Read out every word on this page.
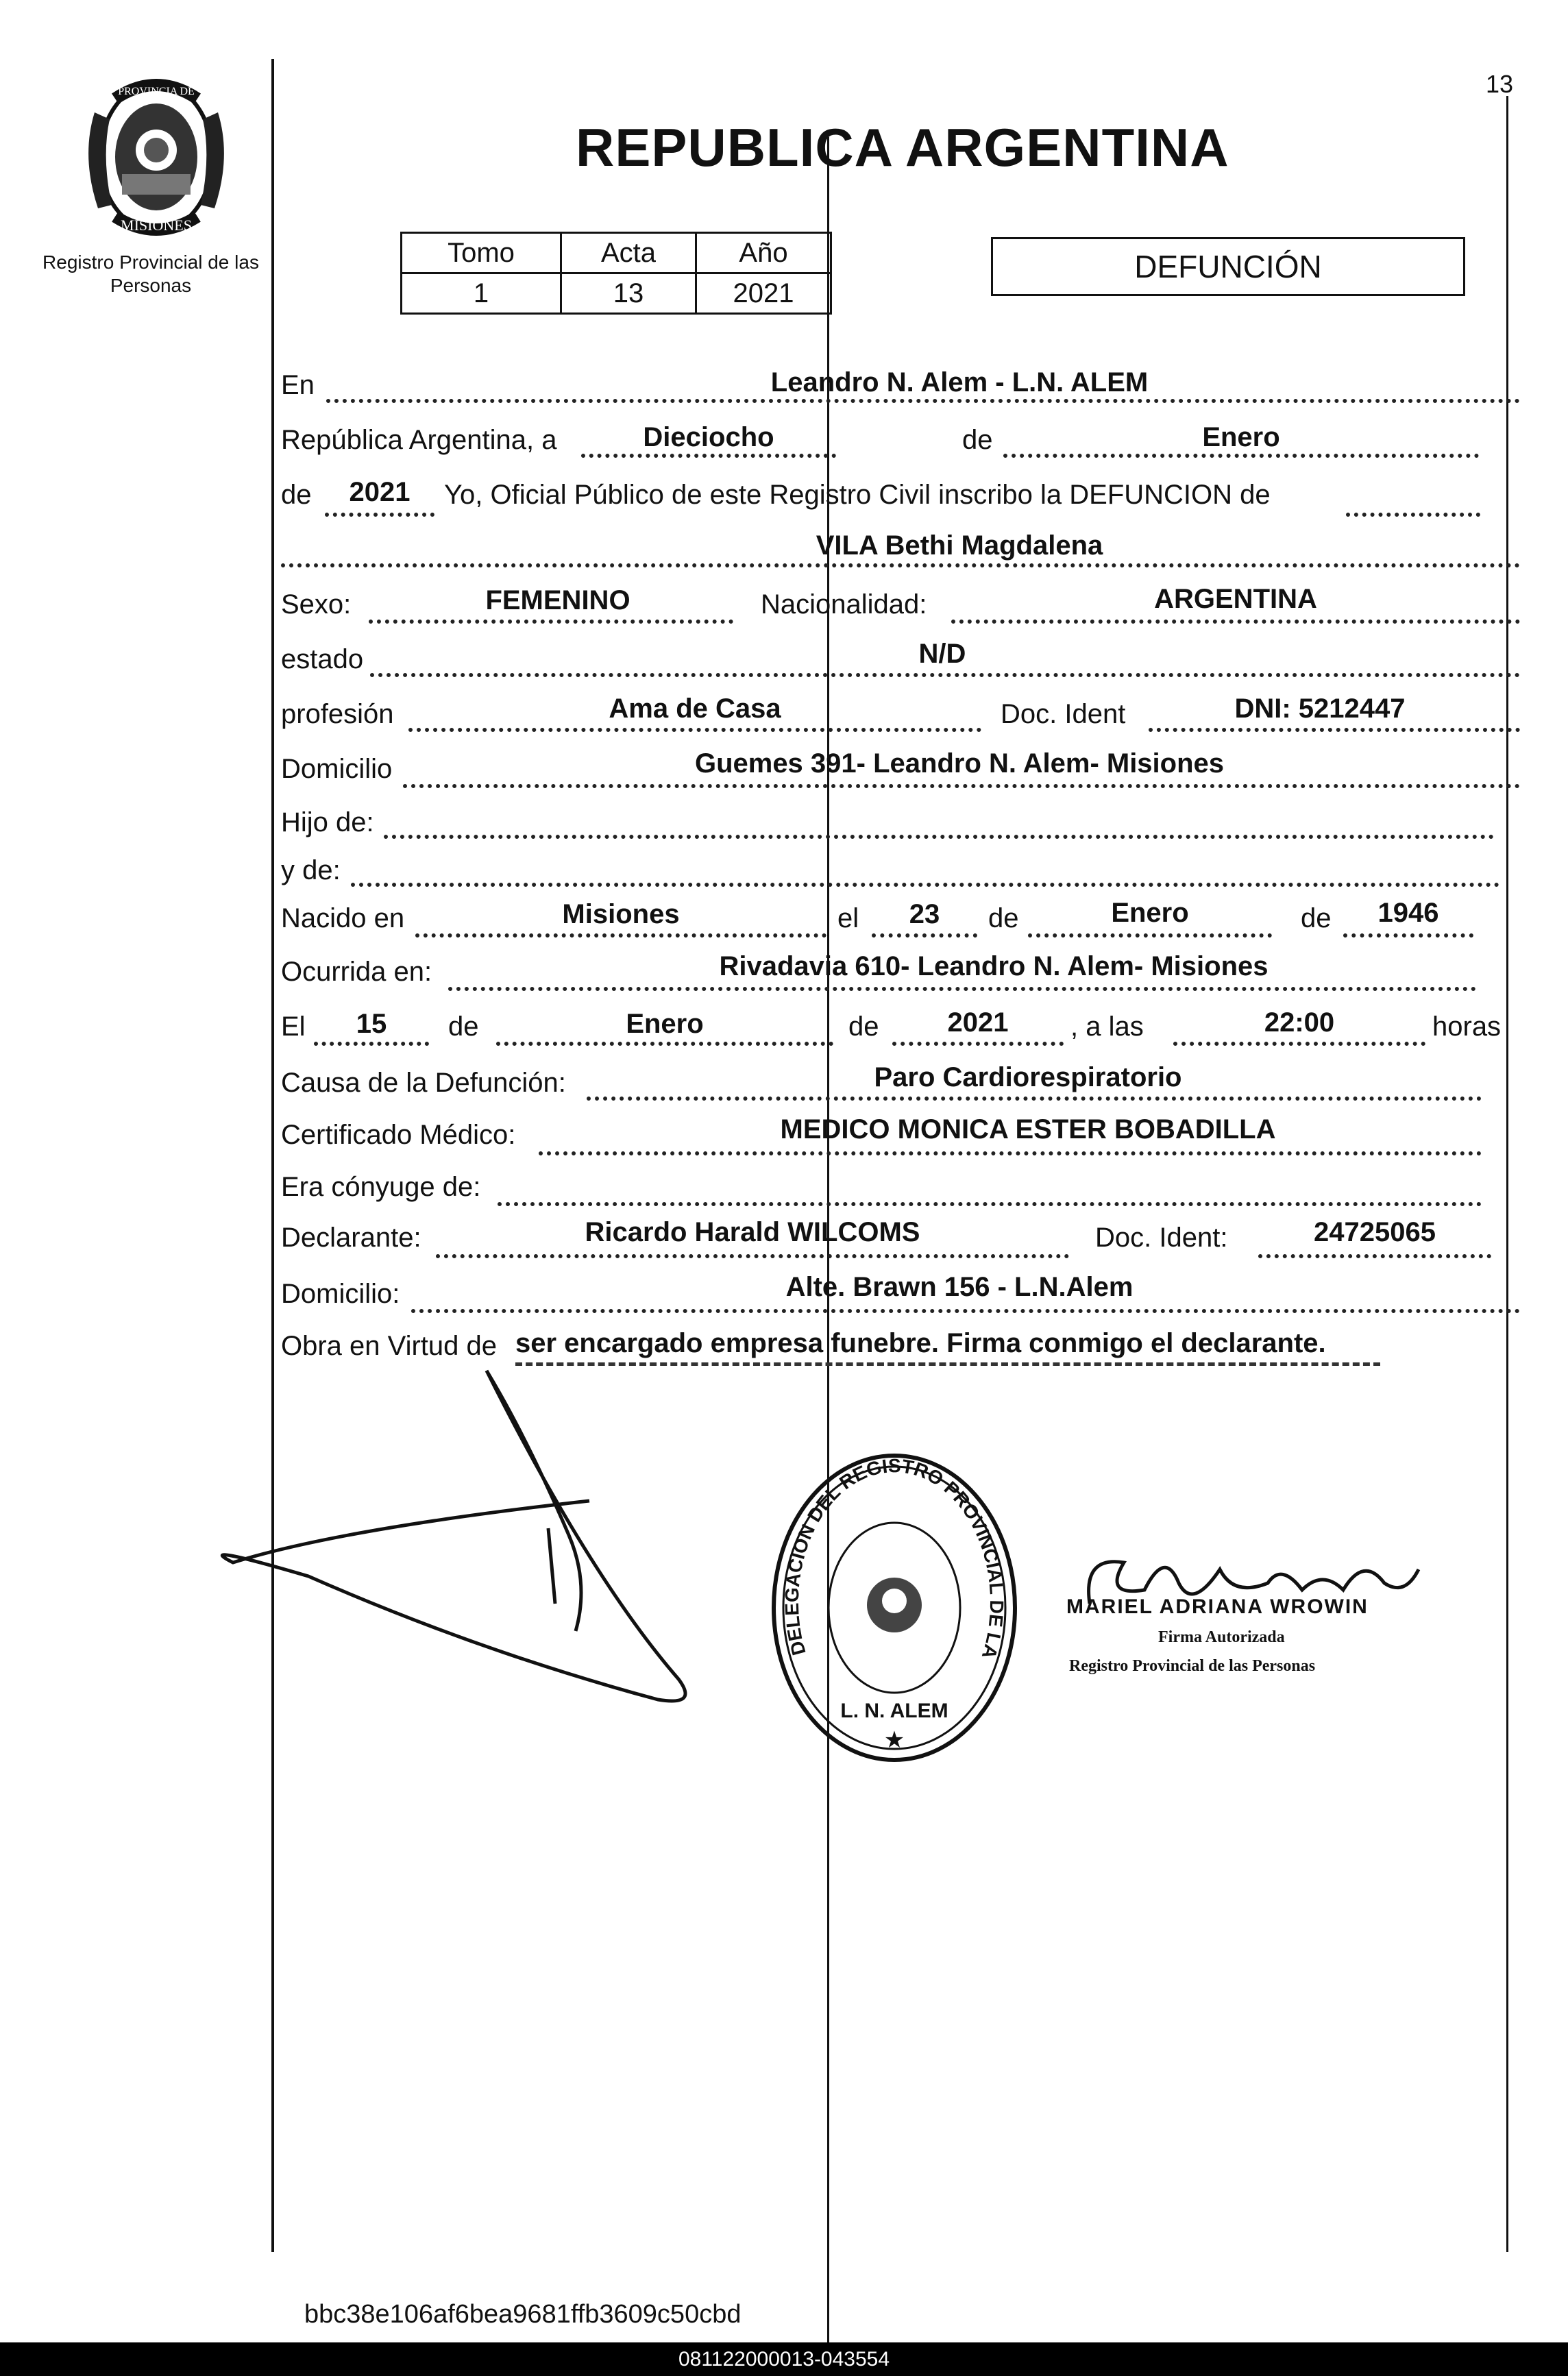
13
PROVINCIA DE
MISIONES
Registro Provincial de las Personas
REPUBLICA ARGENTINA
Tomo	Acta	Año
1	13	2021
DEFUNCIÓN
En	Leandro N. Alem - L.N. ALEM
República Argentina, a	Dieciocho	de	Enero
de	2021	Yo, Oficial Público de este Registro Civil inscribo la DEFUNCION de
VILA Bethi Magdalena
Sexo:	FEMENINO	Nacionalidad:	ARGENTINA
estado	N/D
profesión	Ama de Casa	Doc. Ident	DNI: 5212447
Domicilio	Guemes 391- Leandro N. Alem- Misiones
Hijo de:
y de:
Nacido en	Misiones	el	23	de	Enero	de	1946
Ocurrida en:	Rivadavia 610- Leandro N. Alem- Misiones
El	15	de	Enero	de	2021	, a las	22:00	horas
Causa de la Defunción:	Paro Cardiorespiratorio
Certificado Médico:	MEDICO MONICA ESTER BOBADILLA
Era cónyuge de:
Declarante:	Ricardo Harald WILCOMS	Doc. Ident:	24725065
Domicilio:	Alte. Brawn 156 - L.N.Alem
Obra en Virtud de ser encargado empresa funebre. Firma conmigo el declarante.
DELEGACION DEL REGISTRO PROVINCIAL DE LA
L. N. ALEM
★
MARIEL ADRIANA WROWIN
Firma Autorizada
Registro Provincial de las Personas
bbc38e106af6bea9681ffb3609c50cbd
081122000013-043554
